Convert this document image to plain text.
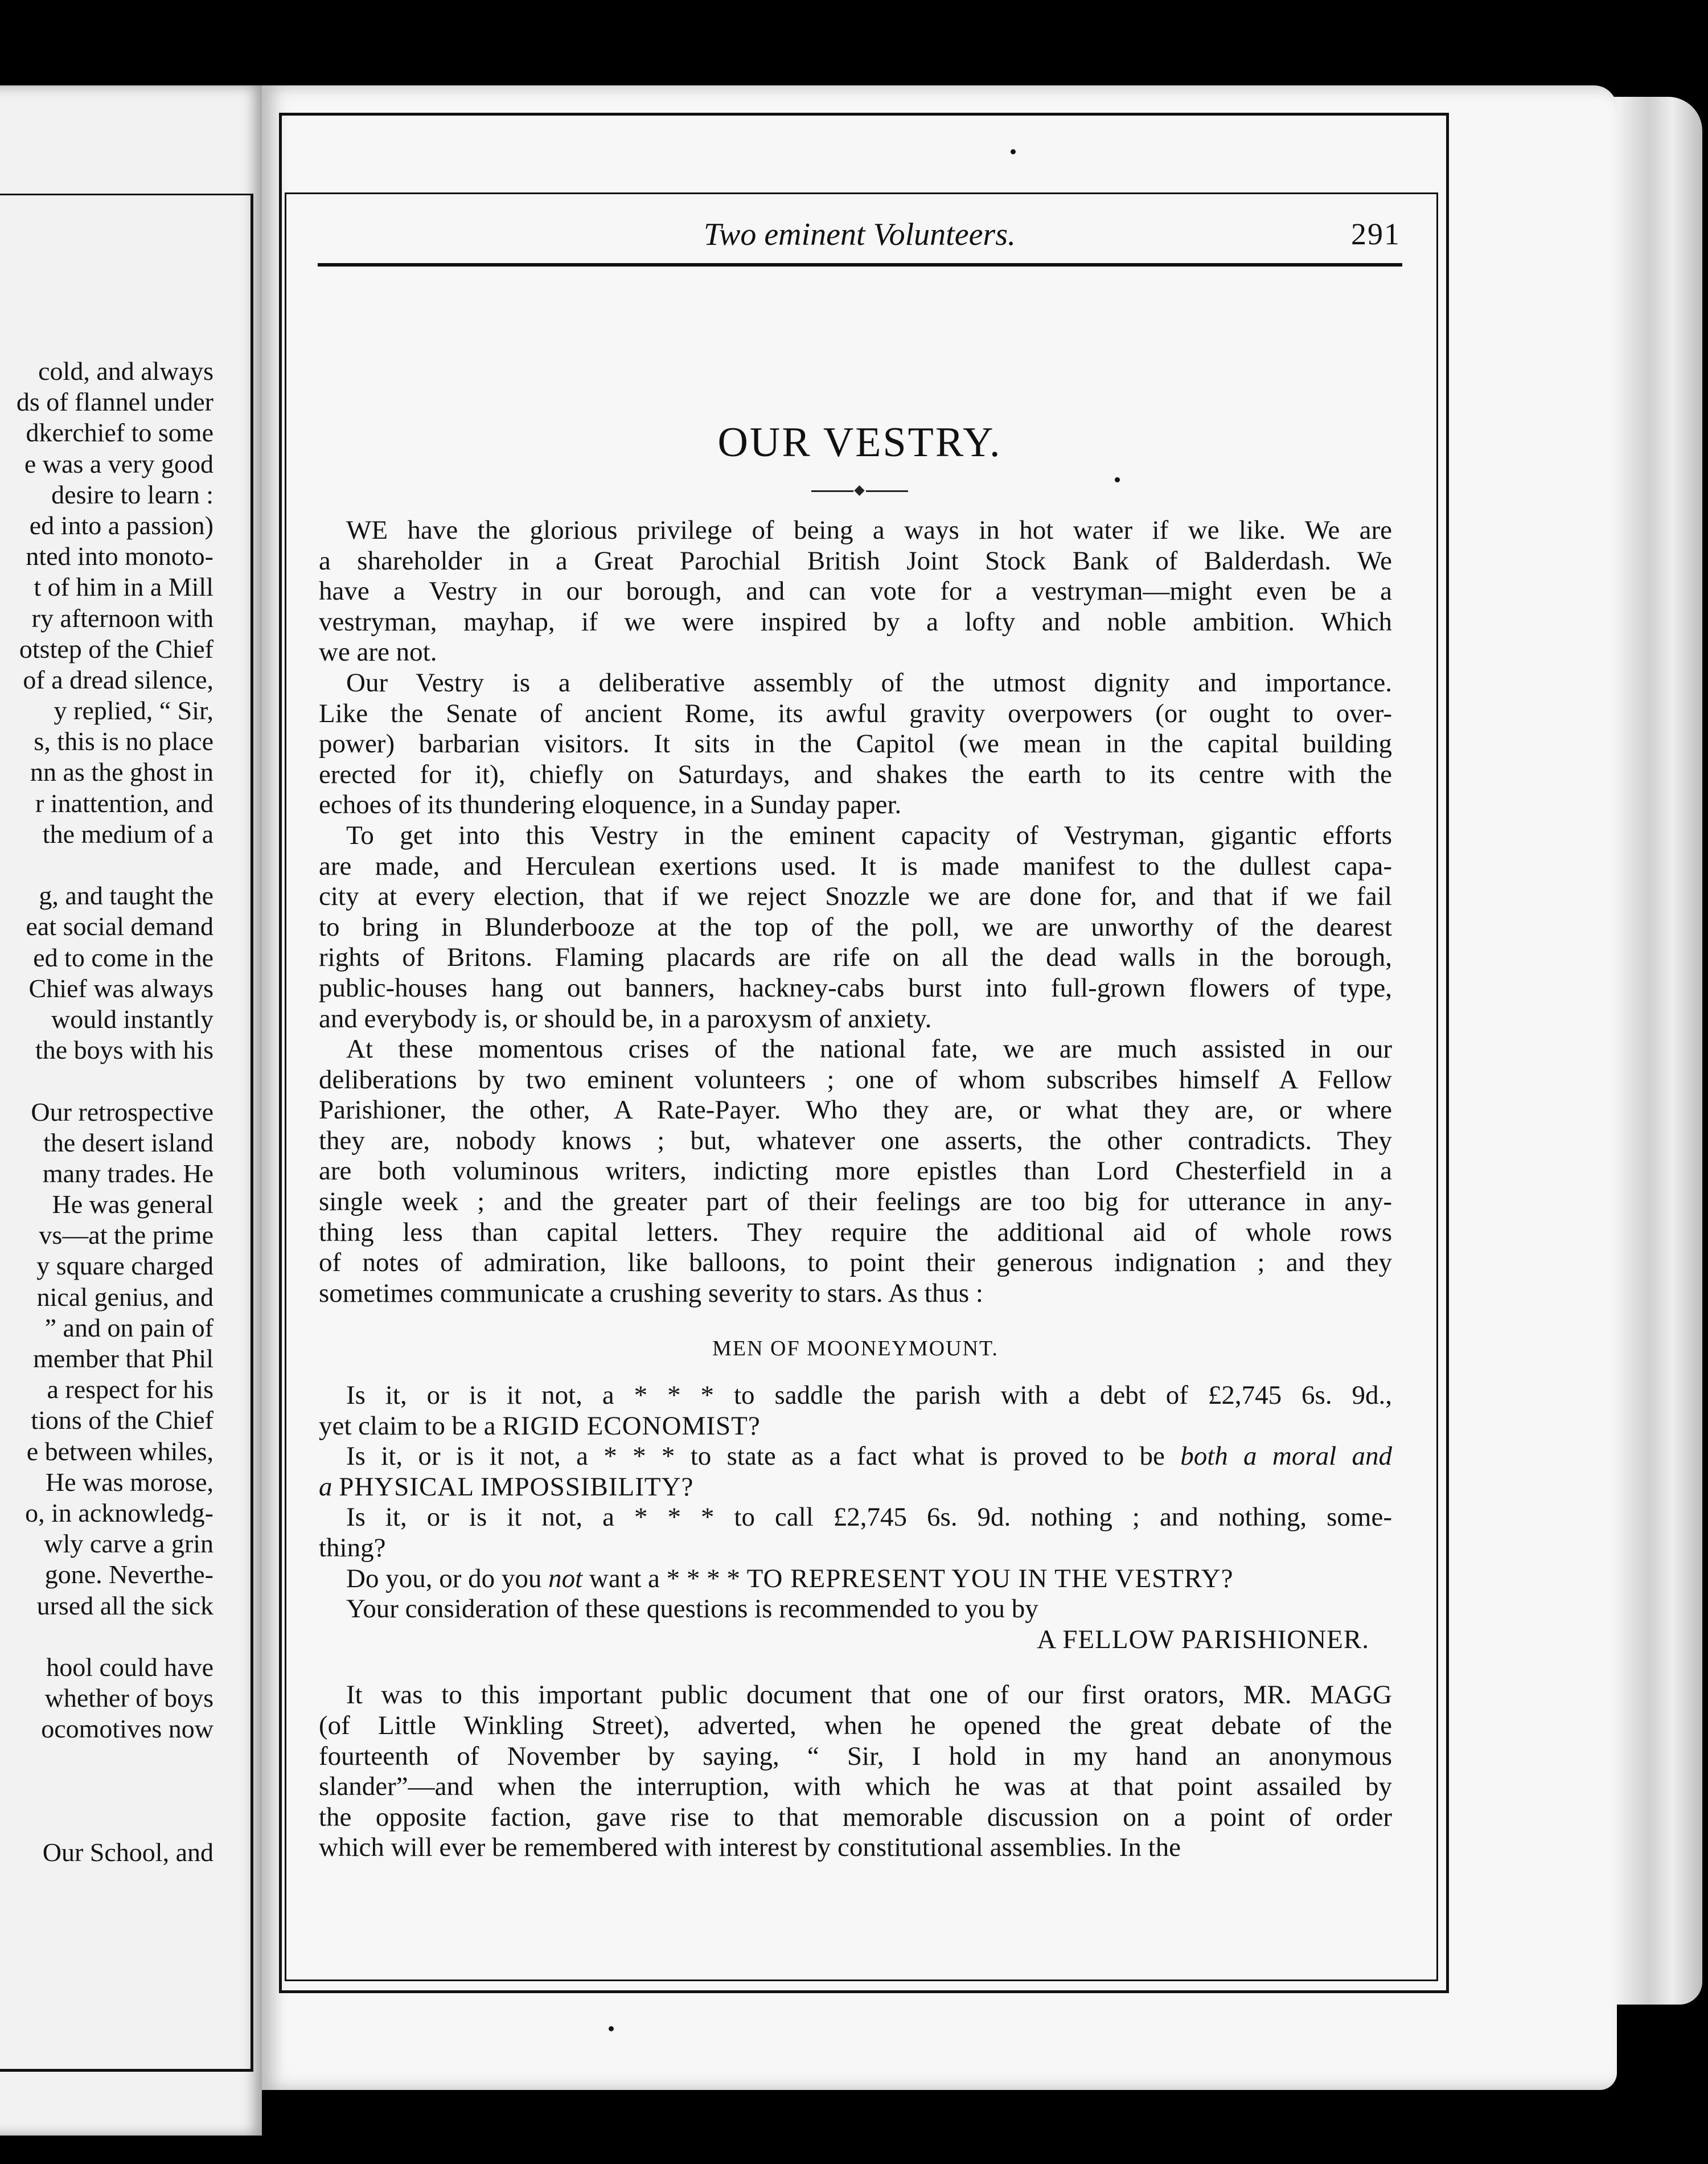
cold, and always
ds of flannel under
dkerchief to some
e was a very good
desire to learn :
ed into a passion)
nted into monoto-
t of him in a Mill
ry afternoon with
otstep of the Chief
of a dread silence,
y replied, “ Sir,
s, this is no place
nn as the ghost in
r inattention, and
the medium of a
g, and taught the
eat social demand
ed to come in the
Chief was always
would instantly
the boys with his
Our retrospective
the desert island
many trades. He
He was general
vs—at the prime
y square charged
nical genius, and
” and on pain of
member that Phil
a respect for his
tions of the Chief
e between whiles,
He was morose,
o, in acknowledg-
wly carve a grin
gone. Neverthe-
ursed all the sick
hool could have
whether of boys
ocomotives now
Our School, and
Two eminent Volunteers.	291
OUR VESTRY.
WE have the glorious privilege of being a ways in hot water if we like. We are
a shareholder in a Great Parochial British Joint Stock Bank of Balderdash. We
have a Vestry in our borough, and can vote for a vestryman—might even be a
vestryman, mayhap, if we were inspired by a lofty and noble ambition. Which
we are not.
Our Vestry is a deliberative assembly of the utmost dignity and importance.
Like the Senate of ancient Rome, its awful gravity overpowers (or ought to over-
power) barbarian visitors. It sits in the Capitol (we mean in the capital building
erected for it), chiefly on Saturdays, and shakes the earth to its centre with the
echoes of its thundering eloquence, in a Sunday paper.
To get into this Vestry in the eminent capacity of Vestryman, gigantic efforts
are made, and Herculean exertions used. It is made manifest to the dullest capa-
city at every election, that if we reject Snozzle we are done for, and that if we fail
to bring in Blunderbooze at the top of the poll, we are unworthy of the dearest
rights of Britons. Flaming placards are rife on all the dead walls in the borough,
public-houses hang out banners, hackney-cabs burst into full-grown flowers of type,
and everybody is, or should be, in a paroxysm of anxiety.
At these momentous crises of the national fate, we are much assisted in our
deliberations by two eminent volunteers ; one of whom subscribes himself A Fellow
Parishioner, the other, A Rate-Payer. Who they are, or what they are, or where
they are, nobody knows ; but, whatever one asserts, the other contradicts. They
are both voluminous writers, indicting more epistles than Lord Chesterfield in a
single week ; and the greater part of their feelings are too big for utterance in any-
thing less than capital letters. They require the additional aid of whole rows
of notes of admiration, like balloons, to point their generous indignation ; and they
sometimes communicate a crushing severity to stars. As thus :
MEN OF MOONEYMOUNT.
Is it, or is it not, a * * * to saddle the parish with a debt of £2,745 6s. 9d.,
yet claim to be a RIGID ECONOMIST?
Is it, or is it not, a * * * to state as a fact what is proved to be both a moral and
a PHYSICAL IMPOSSIBILITY?
Is it, or is it not, a * * * to call £2,745 6s. 9d. nothing ; and nothing, some-
thing?
Do you, or do you not want a * * * * TO REPRESENT YOU IN THE VESTRY?
Your consideration of these questions is recommended to you by
A FELLOW PARISHIONER.
It was to this important public document that one of our first orators, MR. MAGG
(of Little Winkling Street), adverted, when he opened the great debate of the
fourteenth of November by saying, “ Sir, I hold in my hand an anonymous
slander”—and when the interruption, with which he was at that point assailed by
the opposite faction, gave rise to that memorable discussion on a point of order
which will ever be remembered with interest by constitutional assemblies. In the
